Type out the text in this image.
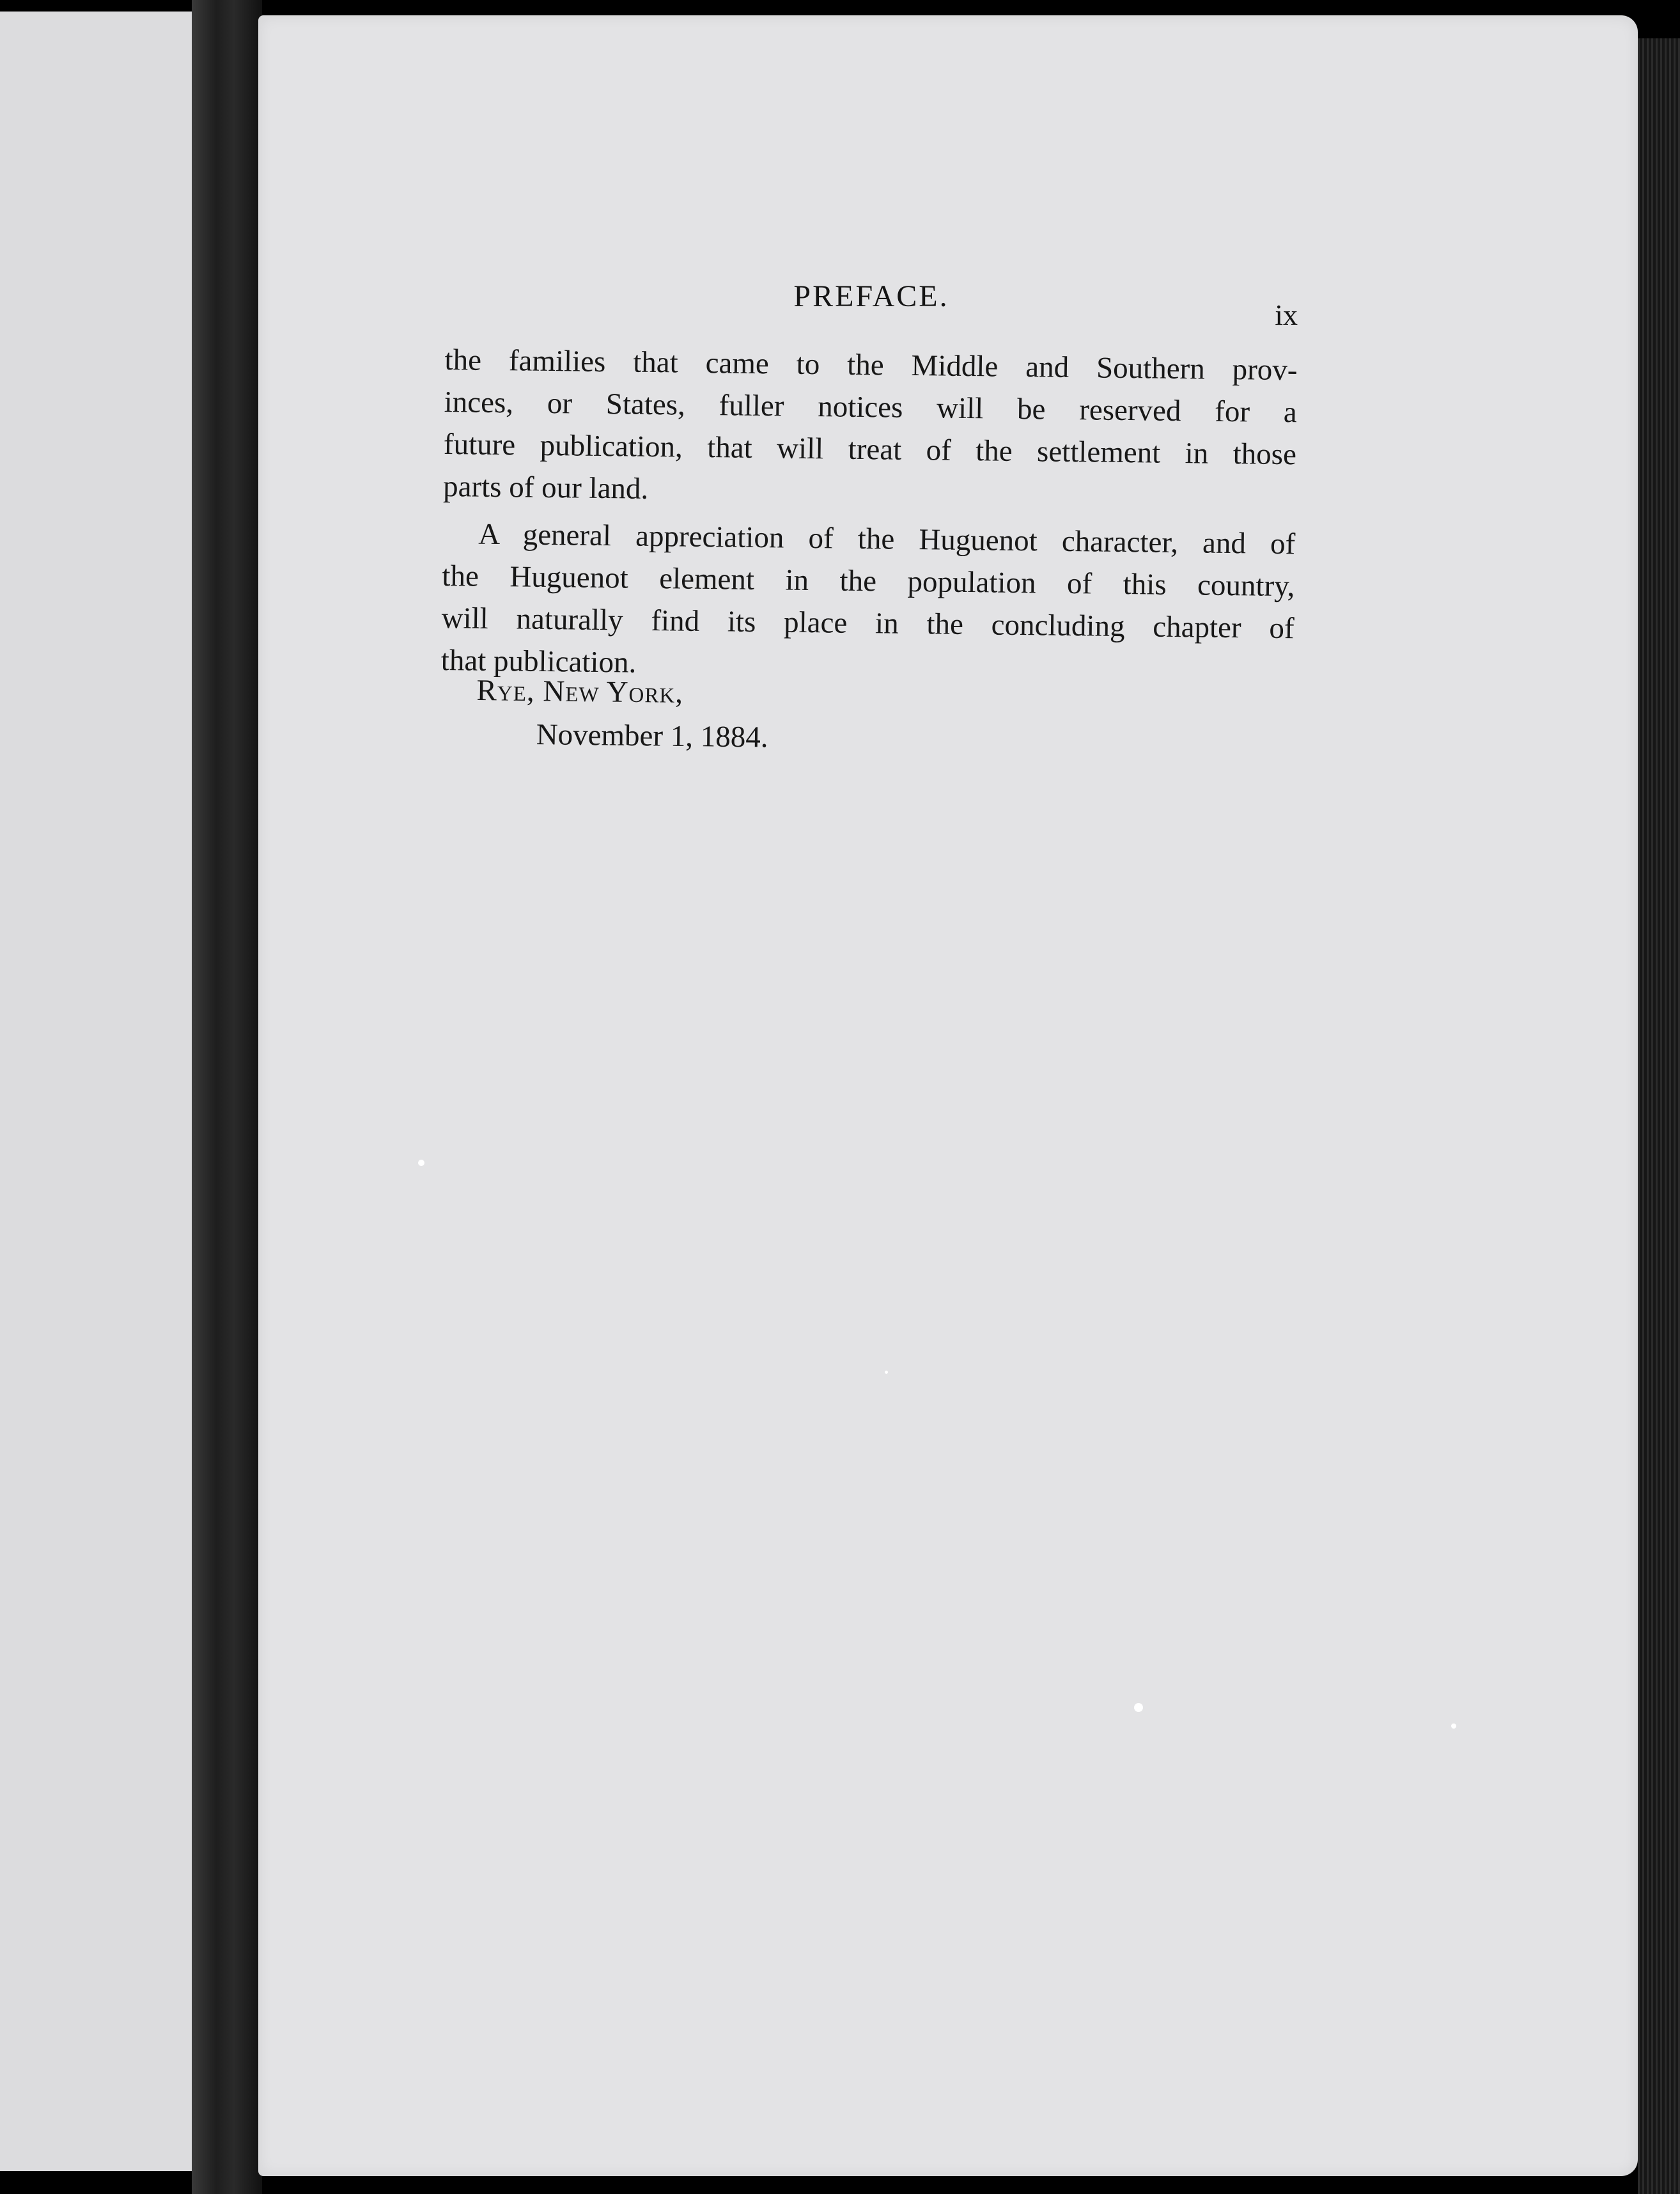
PREFACE.
ix
the families that came to the Middle and Southern prov-
inces, or States, fuller notices will be reserved for a
future publication, that will treat of the settlement in those
parts of our land.
A general appreciation of the Huguenot character, and of
the Huguenot element in the population of this country,
will naturally find its place in the concluding chapter of
that publication.
Rye, New York,
November 1, 1884.
